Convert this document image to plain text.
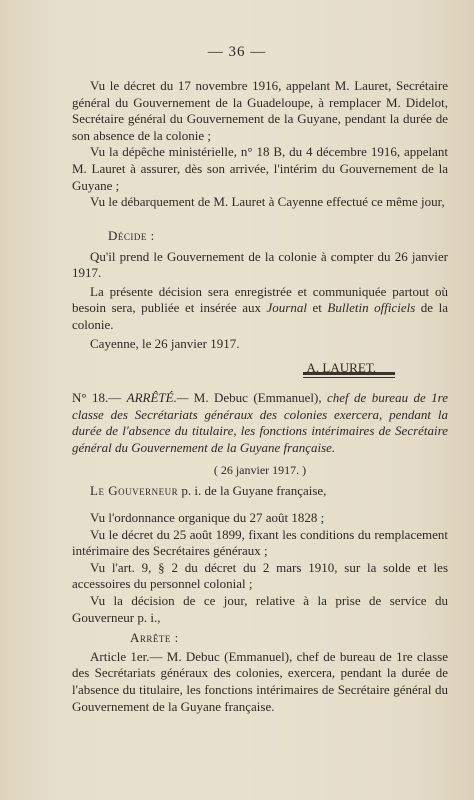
— 36 —

Vu le décret du 17 novembre 1916, appelant M. Lauret, Secrétaire général du Gouvernement de la Guadeloupe, à remplacer M. Didelot, Secrétaire général du Gouvernement de la Guyane, pendant la durée de son absence de la colonie ;

Vu la dépêche ministérielle, n° 18 B, du 4 décembre 1916, appelant M. Lauret à assurer, dès son arrivée, l'intérim du Gouvernement de la Guyane ;

Vu le débarquement de M. Lauret à Cayenne effectué ce même jour,

Décide :

Qu'il prend le Gouvernement de la colonie à compter du 26 janvier 1917.

La présente décision sera enregistrée et communiquée partout où besoin sera, publiée et insérée aux Journal et Bulletin officiels de la colonie.

Cayenne, le 26 janvier 1917.

A. LAURET.

N° 18.— ARRÊTÉ.— M. Debuc (Emmanuel), chef de bureau de 1re classe des Secrétariats généraux des colonies exercera, pendant la durée de l'absence du titulaire, les fonctions intérimaires de Secrétaire général du Gouvernement de la Guyane française.

( 26 janvier 1917. )

Le Gouverneur p. i. de la Guyane française,

Vu l'ordonnance organique du 27 août 1828 ;

Vu le décret du 25 août 1899, fixant les conditions du remplacement intérimaire des Secrétaires généraux ;

Vu l'art. 9, § 2 du décret du 2 mars 1910, sur la solde et les accessoires du personnel colonial ;

Vu la décision de ce jour, relative à la prise de service du Gouverneur p. i.,

Arrête :

Article 1er.— M. Debuc (Emmanuel), chef de bureau de 1re classe des Secrétariats généraux des colonies, exercera, pendant la durée de l'absence du titulaire, les fonctions intérimaires de Secrétaire général du Gouvernement de la Guyane française.
